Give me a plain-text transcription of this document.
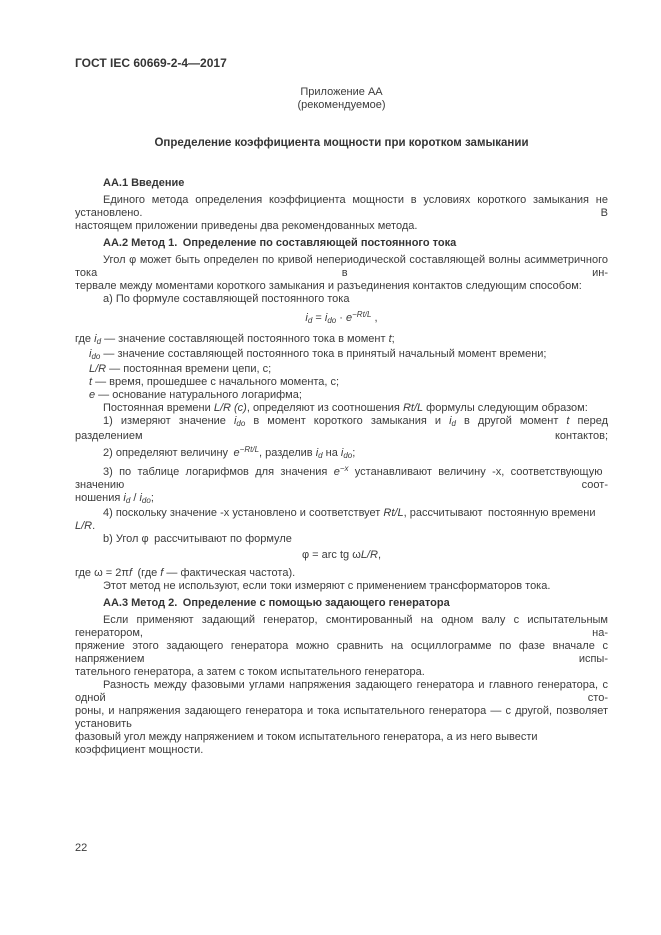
ГОСТ IEC 60669-2-4—2017
Приложение АА
(рекомендуемое)
Определение коэффициента мощности при коротком замыкании
АА.1 Введение
Единого метода определения коэффициента мощности в условиях короткого замыкания не установлено. В
настоящем приложении приведены два рекомендованных метода.
АА.2 Метод 1. Определение по составляющей постоянного тока
Угол φ может быть определен по кривой непериодической составляющей волны асимметричного тока в ин-
тервале между моментами короткого замыкания и разъединения контактов следующим способом:
a) По формуле составляющей постоянного тока
id = ido · $e^{-Rt/L}$ ,
где id — значение составляющей постоянного тока в момент t;
ido — значение составляющей постоянного тока в принятый начальный момент времени;
L/R — постоянная времени цепи, с;
t — время, прошедшее с начального момента, с;
e — основание натурального логарифма;
Постоянная времени L/R (с), определяют из соотношения Rt/L формулы следующим образом:
1) измеряют значение ido в момент короткого замыкания и id в другой момент t перед разделением контактов;
2) определяют величину $e^{-Rt/L}$, разделив id на ido;
3) по таблице логарифмов для значения $e^{-x}$ устанавливают величину -x, соответствующую значению соот-
ношения id / ido;
4) поскольку значение -x установлено и соответствует Rt/L, рассчитывают постоянную времени L/R.
b) Угол φ рассчитывают по формуле
φ = arc tg ωL/R,
где ω = 2πf (где f — фактическая частота).
Этот метод не используют, если токи измеряют с применением трансформаторов тока.
АА.3 Метод 2. Определение с помощью задающего генератора
Если применяют задающий генератор, смонтированный на одном валу с испытательным генератором, на-
пряжение этого задающего генератора можно сравнить на осциллограмме по фазе вначале с напряжением испы-
тательного генератора, а затем с током испытательного генератора.
Разность между фазовыми углами напряжения задающего генератора и главного генератора, с одной сто-
роны, и напряжения задающего генератора и тока испытательного генератора — с другой, позволяет установить
фазовый угол между напряжением и током испытательного генератора, а из него вывести коэффициент мощности.
22
